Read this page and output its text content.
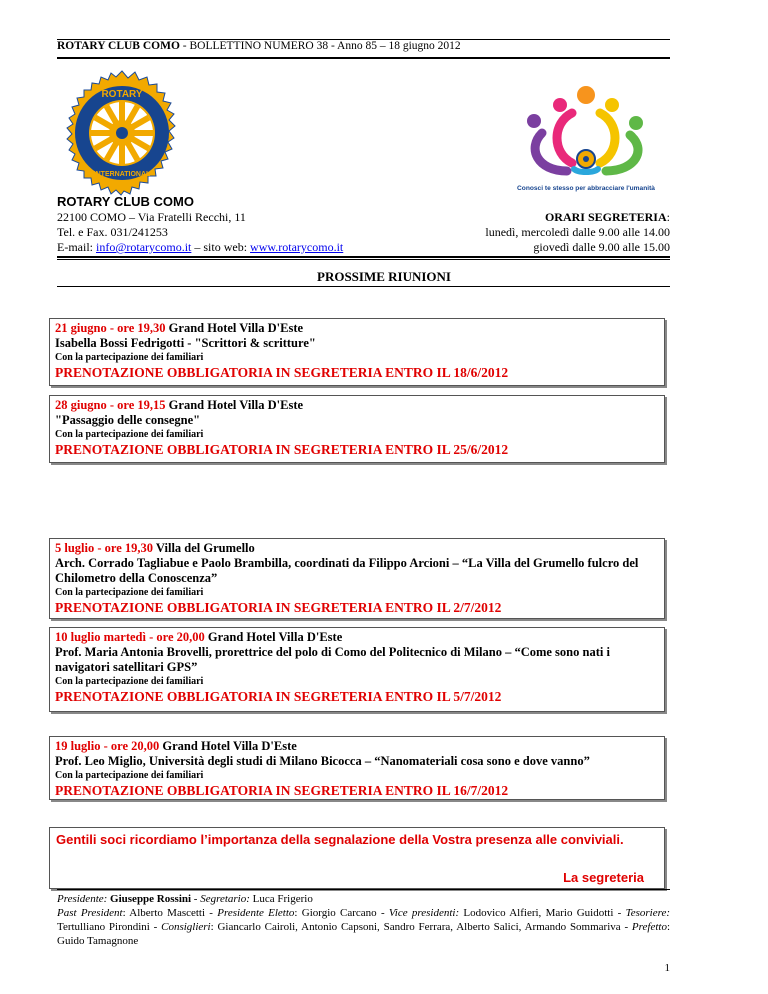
ROTARY CLUB COMO - BOLLETTINO NUMERO 38 - Anno 85 – 18 giugno 2012
ROTARY
INTERNATIONAL
Conosci te stesso per abbracciare l'umanità
ROTARY CLUB COMO
22100 COMO – Via Fratelli Recchi, 11
Tel. e Fax. 031/241253
E-mail: info@rotarycomo.it – sito web: www.rotarycomo.it
ORARI SEGRETERIA:
lunedì, mercoledì dalle 9.00 alle 14.00
giovedì dalle 9.00 alle 15.00
PROSSIME RIUNIONI
21 giugno - ore 19,30 Grand Hotel Villa D'Este
Isabella Bossi Fedrigotti - "Scrittori & scritture"
Con la partecipazione dei familiari
PRENOTAZIONE OBBLIGATORIA IN SEGRETERIA ENTRO IL 18/6/2012
28 giugno - ore 19,15 Grand Hotel Villa D'Este
"Passaggio delle consegne"
Con la partecipazione dei familiari
PRENOTAZIONE OBBLIGATORIA IN SEGRETERIA ENTRO IL 25/6/2012
5 luglio - ore 19,30 Villa del Grumello
Arch. Corrado Tagliabue e Paolo Brambilla, coordinati da Filippo Arcioni – “La Villa del Grumello fulcro del Chilometro della Conoscenza”
Con la partecipazione dei familiari
PRENOTAZIONE OBBLIGATORIA IN SEGRETERIA ENTRO IL 2/7/2012
10 luglio martedì - ore 20,00 Grand Hotel Villa D'Este
Prof. Maria Antonia Brovelli, prorettrice del polo di Como del Politecnico di Milano – “Come sono nati i navigatori satellitari GPS”
Con la partecipazione dei familiari
PRENOTAZIONE OBBLIGATORIA IN SEGRETERIA ENTRO IL 5/7/2012
19 luglio - ore 20,00 Grand Hotel Villa D'Este
Prof. Leo Miglio, Università degli studi di Milano Bicocca – “Nanomateriali cosa sono e dove vanno”
Con la partecipazione dei familiari
PRENOTAZIONE OBBLIGATORIA IN SEGRETERIA ENTRO IL 16/7/2012
Gentili soci ricordiamo l’importanza della segnalazione della Vostra presenza alle conviviali.
La segreteria
Presidente: Giuseppe Rossini - Segretario: Luca Frigerio
Past President: Alberto Mascetti - Presidente Eletto: Giorgio Carcano - Vice presidenti: Lodovico Alfieri, Mario Guidotti - Tesoriere: Tertulliano Pirondini - Consiglieri: Giancarlo Cairoli, Antonio Capsoni, Sandro Ferrara, Alberto Salici, Armando Sommariva - Prefetto: Guido Tamagnone
1
